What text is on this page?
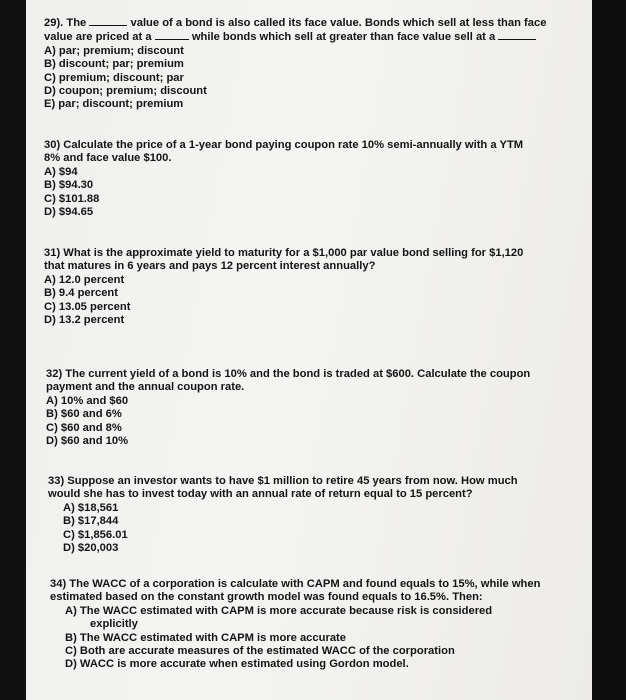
29). The	value of a bond is also called its face value. Bonds which sell at less than face

value are priced at a	while bonds which sell at greater than face value sell at a

A) par; premium; discount

B) discount; par; premium

C) premium; discount; par

D) coupon; premium; discount

E) par; discount; premium

30) Calculate the price of a 1-year bond paying coupon rate 10% semi-annually with a YTM

8% and face value $100.

A) $94

B) $94.30

C) $101.88

D) $94.65

31) What is the approximate yield to maturity for a $1,000 par value bond selling for $1,120

that matures in 6 years and pays 12 percent interest annually?

A) 12.0 percent

B) 9.4 percent

C) 13.05 percent

D) 13.2 percent

32) The current yield of a bond is 10% and the bond is traded at $600. Calculate the coupon

payment and the annual coupon rate.

A) 10% and $60

B) $60 and 6%

C) $60 and 8%

D) $60 and 10%

33) Suppose an investor wants to have $1 million to retire 45 years from now. How much

would she has to invest today with an annual rate of return equal to 15 percent?

A) $18,561

B) $17,844

C) $1,856.01

D) $20,003

34) The WACC of a corporation is calculate with CAPM and found equals to 15%, while when

estimated based on the constant growth model was found equals to 16.5%. Then:

A) The WACC estimated with CAPM is more accurate because risk is considered

explicitly

B) The WACC estimated with CAPM is more accurate

C) Both are accurate measures of the estimated WACC of the corporation

D) WACC is more accurate when estimated using Gordon model.
